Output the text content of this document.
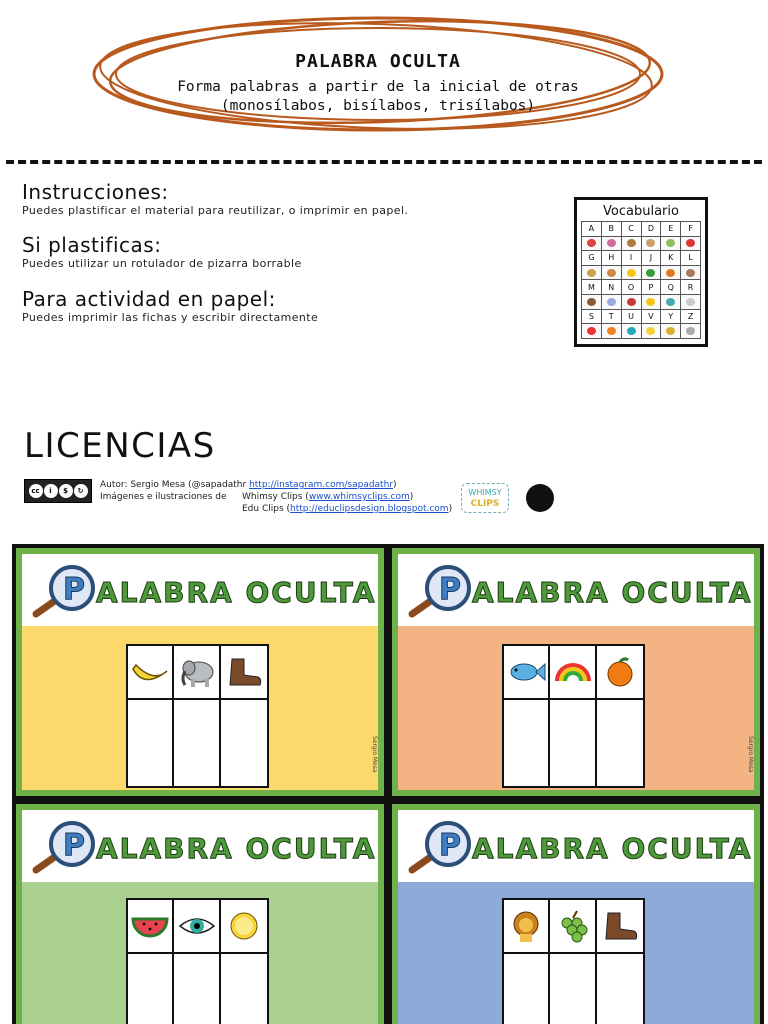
PALABRA OCULTA
Forma palabras a partir de la inicial de otras
(monosílabos, bisílabos, trisílabos)
Instrucciones:
Puedes plastificar el material para reutilizar, o imprimir en papel.
Si plastificas:
Puedes utilizar un rotulador de pizarra borrable
Para actividad en papel:
Puedes imprimir las fichas y escribir directamente
Vocabulario
A	B	C	D	E	F
G	H	I	J	K	L
M	N	O	P	Q	R
S	T	U	V	Y	Z
LICENCIAS
cc	i	$	↻
Autor: Sergio Mesa (@sapadathr http://instagram.com/sapadathr)
Imágenes e ilustraciones de Whimsy Clips (www.whimsyclips.com)
Edu Clips (http://educlipsdesign.blogspot.com)
WHIMSY
CLIPS
P ALABRA OCULTA
Sergio Mesa
P ALABRA OCULTA
Sergio Mesa
P ALABRA OCULTA P ALABRA OCULTA
